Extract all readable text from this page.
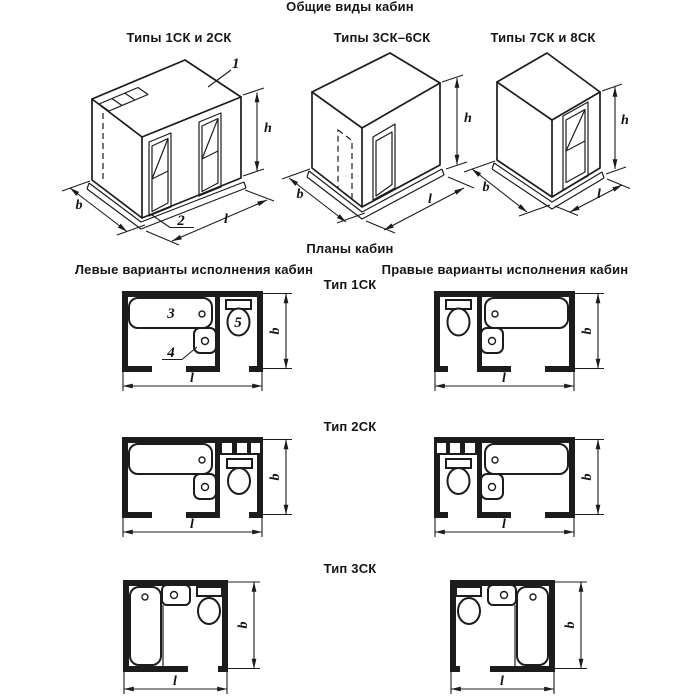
Общие виды кабин
Типы 1СК и 2СК	Типы 3СК–6СК	Типы 7СК и 8СК
Планы кабин
Левые варианты исполнения кабин	Правые варианты исполнения кабин
Тип 1СК
Тип 2СК
Тип 3СК
h
b
l
1
2
h
b	l
h
b	l
3
4
5 b
l
b
l
b
l
b
l
b
l
b
l
